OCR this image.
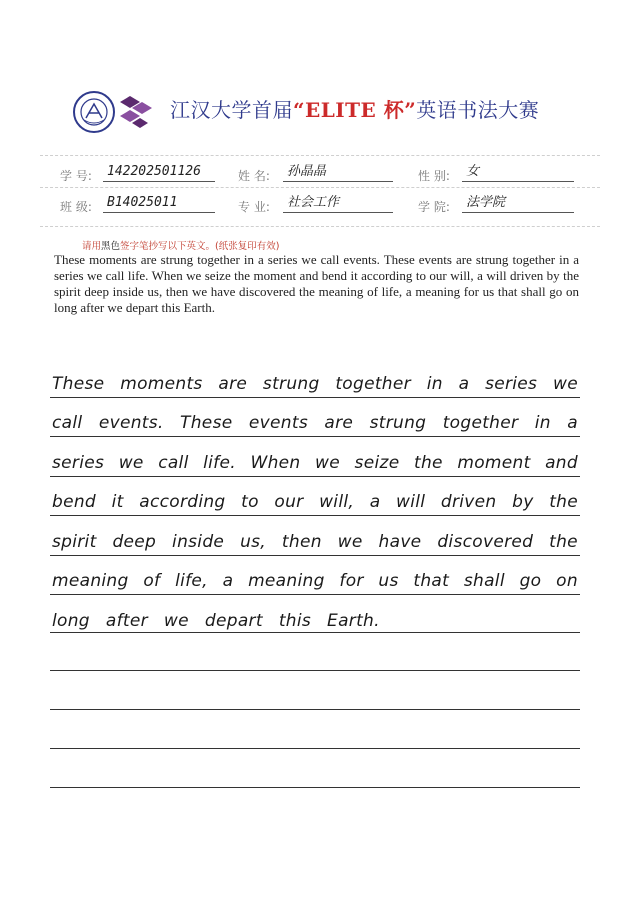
江汉大学首届“ELITE 杯”英语书法大赛
学 号:	142202501126	姓 名:	孙晶晶	性 别:	女
班 级:	B14025011	专 业:	社会工作	学 院:	法学院
请用黑色签字笔抄写以下英文。(纸张复印有效)
These moments are strung together in a series we call events. These events are strung together in a series we call life. When we seize the moment and bend it according to our will, a will driven by the spirit deep inside us, then we have discovered the meaning of life, a meaning for us that shall go on long after we depart this Earth.
These moments are strung together in a series we
call events. These events are strung together in a
series we call life. When we seize the moment and
bend it according to our will, a will driven by the
spirit deep inside us, then we have discovered the
meaning of life, a meaning for us that shall go on
long after we depart this Earth.
